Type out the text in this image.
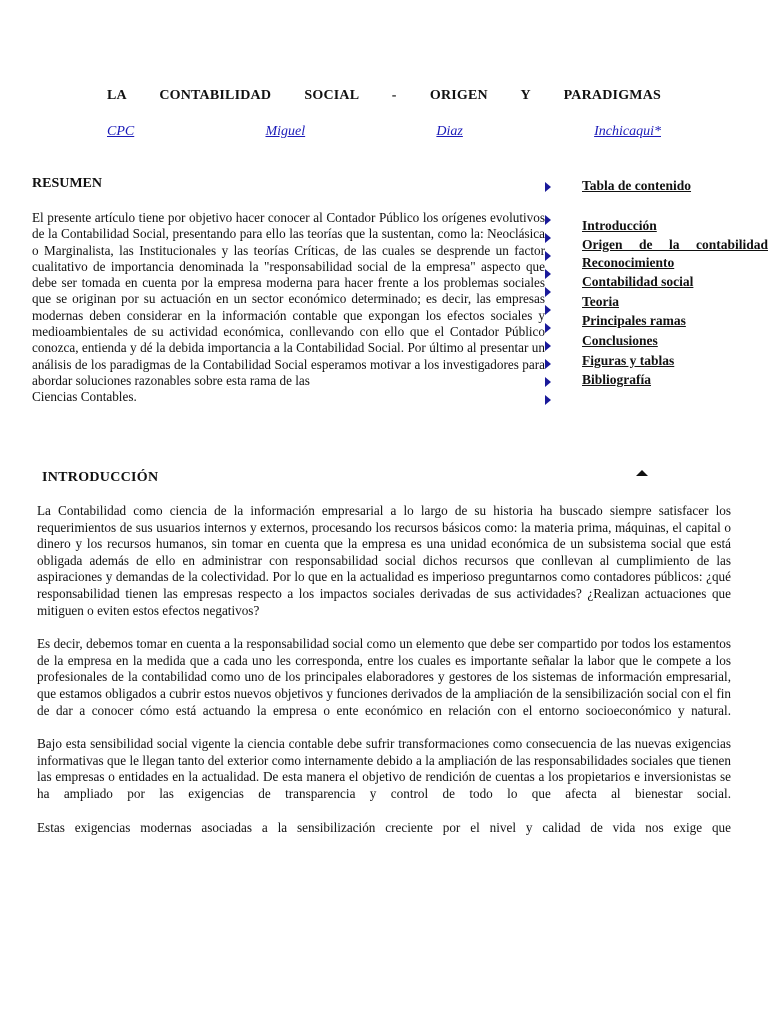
LA CONTABILIDAD SOCIAL - ORIGEN Y PARADIGMAS
CPC	Miguel	Diaz	Inchicaqui*
RESUMEN
El presente artículo tiene por objetivo hacer conocer al Contador Público los orígenes evolutivos de la Contabilidad Social, presentando para ello las teorías que la sustentan, como la: Neoclásica o Marginalista, las Institucionales y las teorías Críticas, de las cuales se desprende un factor cualitativo de importancia denominada la "responsabilidad social de la empresa" aspecto que debe ser tomada en cuenta por la empresa moderna para hacer frente a los problemas sociales que se originan por su actuación en un sector económico determinado; es decir, las empresas modernas deben considerar en la información contable que expongan los efectos sociales y medioambientales de su actividad económica, conllevando con ello que el Contador Público conozca, entienda y dé la debida importancia a la Contabilidad Social. Por último al presentar un análisis de los paradigmas de la Contabilidad Social esperamos motivar a los investigadores para abordar soluciones razonables sobre esta rama de las
Ciencias Contables.
Tabla de contenido
Introducción
Origen de la contabilidad
Reconocimiento
Contabilidad social
Teoria
Principales ramas
Conclusiones
Figuras y tablas
Bibliografía
INTRODUCCIÓN

La Contabilidad como ciencia de la información empresarial a lo largo de su historia ha buscado siempre satisfacer los requerimientos de sus usuarios internos y externos, procesando los recursos básicos como: la materia prima, máquinas, el capital o dinero y los recursos humanos, sin tomar en cuenta que la empresa es una unidad económica de un subsistema social que está obligada además de ello en administrar con responsabilidad social dichos recursos que conllevan al cumplimiento de las aspiraciones y demandas de la colectividad. Por lo que en la actualidad es imperioso preguntarnos como contadores públicos: ¿qué responsabilidad tienen las empresas respecto a los impactos sociales derivadas de sus actividades? ¿Realizan actuaciones que mitiguen o eviten estos efectos negativos?

Es decir, debemos tomar en cuenta a la responsabilidad social como un elemento que debe ser compartido por todos los estamentos de la empresa en la medida que a cada uno les corresponda, entre los cuales es importante señalar la labor que le compete a los profesionales de la contabilidad como uno de los principales elaboradores y gestores de los sistemas de información empresarial, que estamos obligados a cubrir estos nuevos objetivos y funciones derivados de la ampliación de la sensibilización social con el fin de dar a conocer cómo está actuando la empresa o ente económico en relación con el entorno socioeconómico y natural.

Bajo esta sensibilidad social vigente la ciencia contable debe sufrir transformaciones como consecuencia de las nuevas exigencias informativas que le llegan tanto del exterior como internamente debido a la ampliación de las responsabilidades sociales que tienen las empresas o entidades en la actualidad. De esta manera el objetivo de rendición de cuentas a los propietarios e inversionistas se ha ampliado por las exigencias de transparencia y control de todo lo que afecta al bienestar social.

Estas exigencias modernas asociadas a la sensibilización creciente por el nivel y calidad de vida nos exige que
